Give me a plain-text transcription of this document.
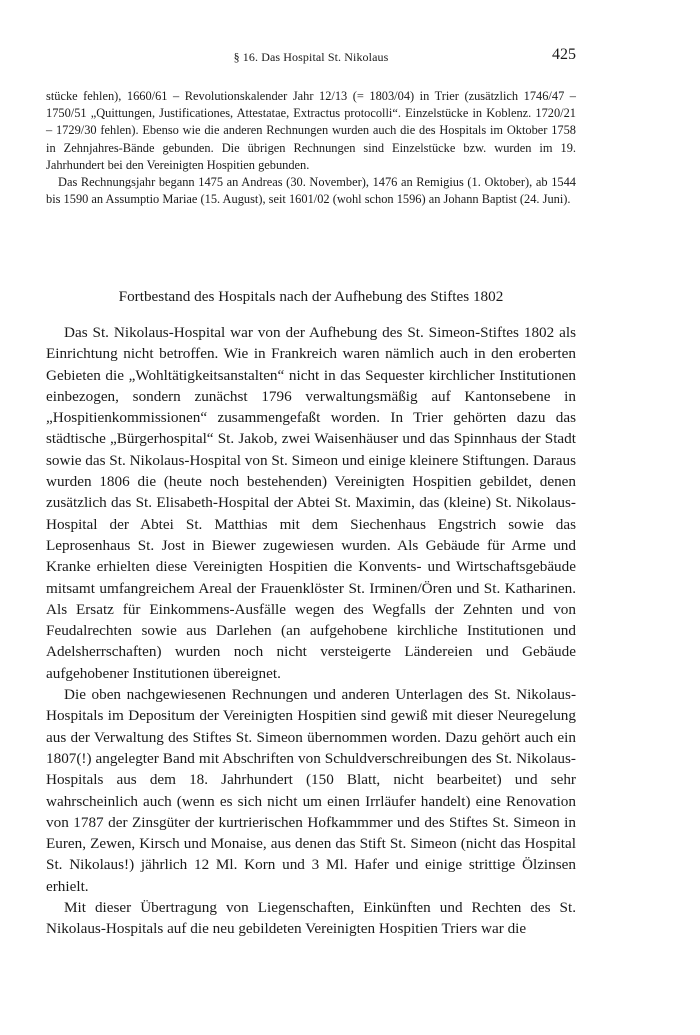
§ 16. Das Hospital St. Nikolaus	425

stücke fehlen), 1660/61 – Revolutionskalender Jahr 12/13 (= 1803/04) in Trier (zusätzlich 1746/47 – 1750/51 „Quittungen, Justificationes, Attestatae, Extractus protocolli“. Einzelstücke in Koblenz. 1720/21 – 1729/30 fehlen). Ebenso wie die anderen Rechnungen wurden auch die des Hospitals im Oktober 1758 in Zehnjahres-Bände gebunden. Die übrigen Rechnungen sind Einzelstücke bzw. wurden im 19. Jahrhundert bei den Vereinigten Hospitien gebunden.

Das Rechnungsjahr begann 1475 an Andreas (30. November), 1476 an Remigius (1. Oktober), ab 1544 bis 1590 an Assumptio Mariae (15. August), seit 1601/02 (wohl schon 1596) an Johann Baptist (24. Juni).

Fortbestand des Hospitals nach der Aufhebung des Stiftes 1802

Das St. Nikolaus-Hospital war von der Aufhebung des St. Simeon-Stiftes 1802 als Einrichtung nicht betroffen. Wie in Frankreich waren nämlich auch in den eroberten Gebieten die „Wohltätigkeitsanstalten“ nicht in das Sequester kirchlicher Institutionen einbezogen, sondern zunächst 1796 verwaltungsmäßig auf Kantonsebene in „Hospitienkommissionen“ zusammengefaßt worden. In Trier gehörten dazu das städtische „Bürgerhospital“ St. Jakob, zwei Waisenhäuser und das Spinnhaus der Stadt sowie das St. Nikolaus-Hospital von St. Simeon und einige kleinere Stiftungen. Daraus wurden 1806 die (heute noch bestehenden) Vereinigten Hospitien gebildet, denen zusätzlich das St. Elisabeth-Hospital der Abtei St. Maximin, das (kleine) St. Nikolaus-Hospital der Abtei St. Matthias mit dem Siechenhaus Engstrich sowie das Leprosenhaus St. Jost in Biewer zugewiesen wurden. Als Gebäude für Arme und Kranke erhielten diese Vereinigten Hospitien die Konvents- und Wirtschaftsgebäude mitsamt umfangreichem Areal der Frauenklöster St. Irminen/Ören und St. Katharinen. Als Ersatz für Einkommens-Ausfälle wegen des Wegfalls der Zehnten und von Feudalrechten sowie aus Darlehen (an aufgehobene kirchliche Institutionen und Adelsherrschaften) wurden noch nicht versteigerte Ländereien und Gebäude aufgehobener Institutionen übereignet.

Die oben nachgewiesenen Rechnungen und anderen Unterlagen des St. Nikolaus-Hospitals im Depositum der Vereinigten Hospitien sind gewiß mit dieser Neuregelung aus der Verwaltung des Stiftes St. Simeon übernommen worden. Dazu gehört auch ein 1807(!) angelegter Band mit Abschriften von Schuldverschreibungen des St. Nikolaus-Hospitals aus dem 18. Jahrhundert (150 Blatt, nicht bearbeitet) und sehr wahrscheinlich auch (wenn es sich nicht um einen Irrläufer handelt) eine Renovation von 1787 der Zinsgüter der kurtrierischen Hofkammmer und des Stiftes St. Simeon in Euren, Zewen, Kirsch und Monaise, aus denen das Stift St. Simeon (nicht das Hospital St. Nikolaus!) jährlich 12 Ml. Korn und 3 Ml. Hafer und einige strittige Ölzinsen erhielt.

Mit dieser Übertragung von Liegenschaften, Einkünften und Rechten des St. Nikolaus-Hospitals auf die neu gebildeten Vereinigten Hospitien Triers war die
